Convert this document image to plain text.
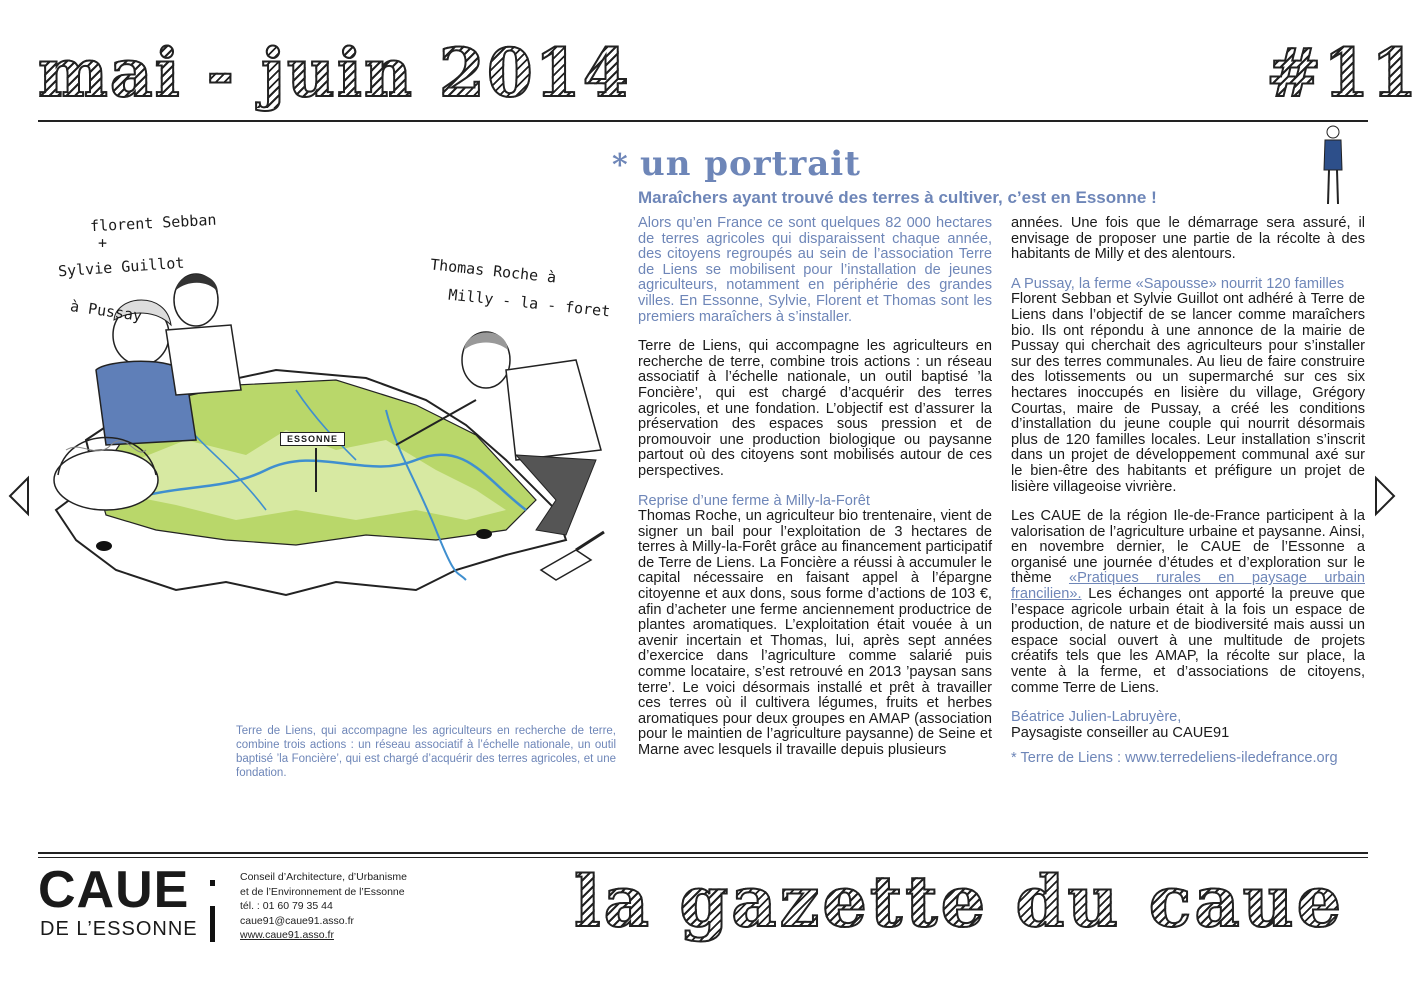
mai - juin 2014	#11
ESSONNE
florent Sebban
+
Sylvie Guillot
à Pussay
Thomas Roche à
Milly - la - foret
Terre de Liens, qui accompagne les agriculteurs en recherche de terre, combine trois actions : un réseau associatif à l’échelle nationale, un outil baptisé ’la Foncière’, qui est chargé d’acquérir des terres agricoles, et une fondation.
* un portrait
Maraîchers ayant trouvé des terres à cultiver, c’est en Essonne !

Alors qu’en France ce sont quelques 82 000 hectares de terres agricoles qui disparaissent chaque année, des citoyens regroupés au sein de l’association Terre de Liens se mobilisent pour l’installation de jeunes agriculteurs, notamment en périphérie des grandes villes. En Essonne, Sylvie, Florent et Thomas sont les premiers maraîchers à s’installer.

Terre de Liens, qui accompagne les agriculteurs en recherche de terre, combine trois actions : un réseau associatif à l’échelle nationale, un outil baptisé ’la Foncière’, qui est chargé d’acquérir des terres agricoles, et une fondation. L’objectif est d’assurer la préservation des espaces sous pression et de promouvoir une production biologique ou paysanne partout où des citoyens sont mobilisés autour de ces perspectives.

Reprise d’une ferme à Milly-la-Forêt

Thomas Roche, un agriculteur bio trentenaire, vient de signer un bail pour l’exploitation de 3 hectares de terres à Milly-la-Forêt grâce au financement participatif de Terre de Liens. La Foncière a réussi à accumuler le capital nécessaire en faisant appel à l’épargne citoyenne et aux dons, sous forme d’actions de 103 €, afin d’acheter une ferme anciennement productrice de plantes aromatiques. L’exploitation était vouée à un avenir incertain et Thomas, lui, après sept années d’exercice dans l’agriculture comme salarié puis comme locataire, s’est retrouvé en 2013 ’paysan sans terre’. Le voici désormais installé et prêt à travailler ces terres où il cultivera légumes, fruits et herbes aromatiques pour deux groupes en AMAP (association pour le maintien de l’agriculture paysanne) de Seine et Marne avec lesquels il travaille depuis plusieurs

années. Une fois que le démarrage sera assuré, il envisage de proposer une partie de la récolte à des habitants de Milly et des alentours.

A Pussay, la ferme «Sapousse» nourrit 120 familles

Florent Sebban et Sylvie Guillot ont adhéré à Terre de Liens dans l’objectif de se lancer comme maraîchers bio. Ils ont répondu à une annonce de la mairie de Pussay qui cherchait des agriculteurs pour s’installer sur des terres communales. Au lieu de faire construire des lotissements ou un supermarché sur ces six hectares inoccupés en lisière du village, Grégory Courtas, maire de Pussay, a créé les conditions d’installation du jeune couple qui nourrit désormais plus de 120 familles locales. Leur installation s’inscrit dans un projet de développement communal axé sur le bien-être des habitants et préfigure un projet de lisière villageoise vivrière.

Les CAUE de la région Ile-de-France participent à la valorisation de l’agriculture urbaine et paysanne. Ainsi, en novembre dernier, le CAUE de l’Essonne a organisé une journée d’études et d’exploration sur le thème «Pratiques rurales en paysage urbain francilien». Les échanges ont apporté la preuve que l’espace agricole urbain était à la fois un espace de production, de nature et de biodiversité mais aussi un espace social ouvert à une multitude de projets créatifs tels que les AMAP, la récolte sur place, la vente à la ferme, et d’associations de citoyens, comme Terre de Liens.

Béatrice Julien-Labruyère,

Paysagiste conseiller au CAUE91

* Terre de Liens : www.terredeliens-iledefrance.org
CAUE
DE L’ESSONNE
Conseil d’Architecture, d’Urbanisme
et de l’Environnement de l’Essonne
tél. : 01 60 79 35 44
caue91@caue91.asso.fr
www.caue91.asso.fr	la gazette du caue
